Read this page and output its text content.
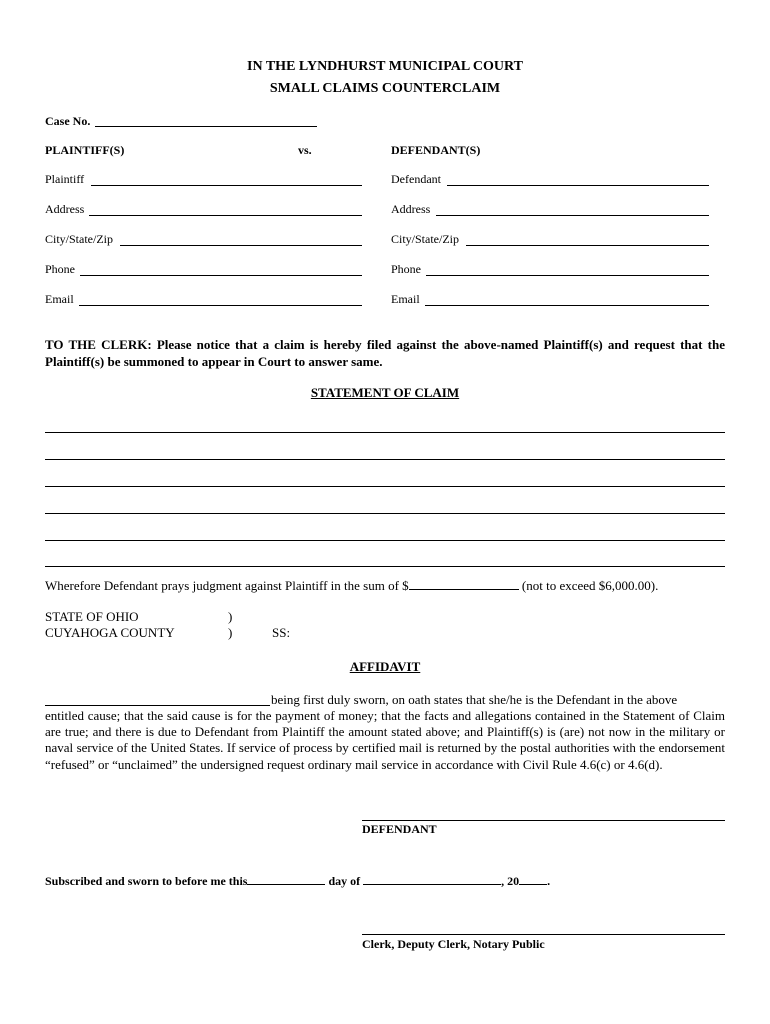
IN THE LYNDHURST MUNICIPAL COURT
SMALL CLAIMS COUNTERCLAIM
Case No.
PLAINTIFF(S)	vs.	DEFENDANT(S)
Plaintiff
Address
City/State/Zip
Phone
Email
Defendant
Address
City/State/Zip
Phone
Email
TO THE CLERK: Please notice that a claim is hereby filed against the above-named Plaintiff(s) and request that the Plaintiff(s) be summoned to appear in Court to answer same.
STATEMENT OF CLAIM
Wherefore Defendant prays judgment against Plaintiff in the sum of $	(not to exceed $6,000.00).
STATE OF OHIO	)
CUYAHOGA COUNTY	)	SS:
AFFIDAVIT
being first duly sworn, on oath states that she/he is the Defendant in the above
entitled cause; that the said cause is for the payment of money; that the facts and allegations contained in the Statement of Claim are true; and there is due to Defendant from Plaintiff the amount stated above; and Plaintiff(s) is (are) not now in the military or naval service of the United States. If service of process by certified mail is returned by the postal authorities with the endorsement “refused” or “unclaimed” the undersigned request ordinary mail service in accordance with Civil Rule 4.6(c) or 4.6(d).
DEFENDANT
Subscribed and sworn to before me this	day of	, 20 .
Clerk, Deputy Clerk, Notary Public
